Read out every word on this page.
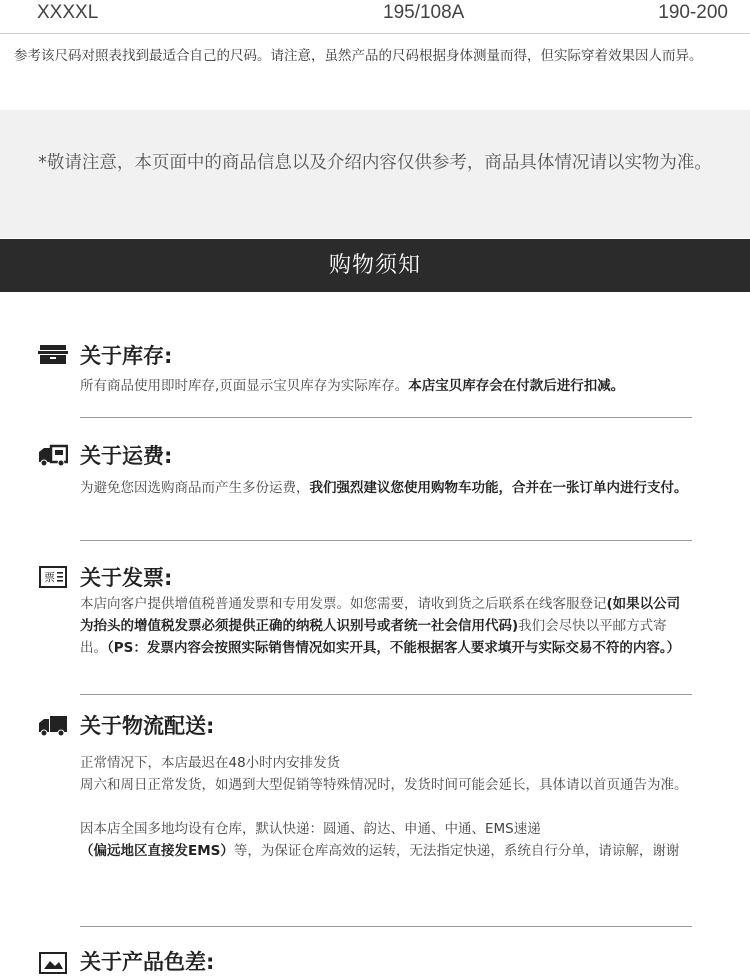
XXXXL	195/108A	190-200
参考该尺码对照表找到最适合自己的尺码。请注意，虽然产品的尺码根据身体测量而得，但实际穿着效果因人而异。

*敬请注意，本页面中的商品信息以及介绍内容仅供参考，商品具体情况请以实物为准。

购物须知
关于库存:
所有商品使用即时库存,页面显示宝贝库存为实际库存。本店宝贝库存会在付款后进行扣减。
关于运费:
为避免您因选购商品而产生多份运费，我们强烈建议您使用购物车功能，合并在一张订单内进行支付。
票 关于发票:
本店向客户提供增值税普通发票和专用发票。如您需要，请收到货之后联系在线客服登记(如果以公司为抬头的增值税发票必须提供正确的纳税人识别号或者统一社会信用代码)我们会尽快以平邮方式寄出。（PS：发票内容会按照实际销售情况如实开具，不能根据客人要求填开与实际交易不符的内容。）
关于物流配送:

正常情况下，本店最迟在48小时内安排发货

周六和周日正常发货，如遇到大型促销等特殊情况时，发货时间可能会延长，具体请以首页通告为准。

因本店全国多地均设有仓库，默认快递：圆通、韵达、申通、中通、EMS速递（偏远地区直接发EMS）等，为保证仓库高效的运转，无法指定快递，系统自行分单，请谅解，谢谢

关于产品色差:
